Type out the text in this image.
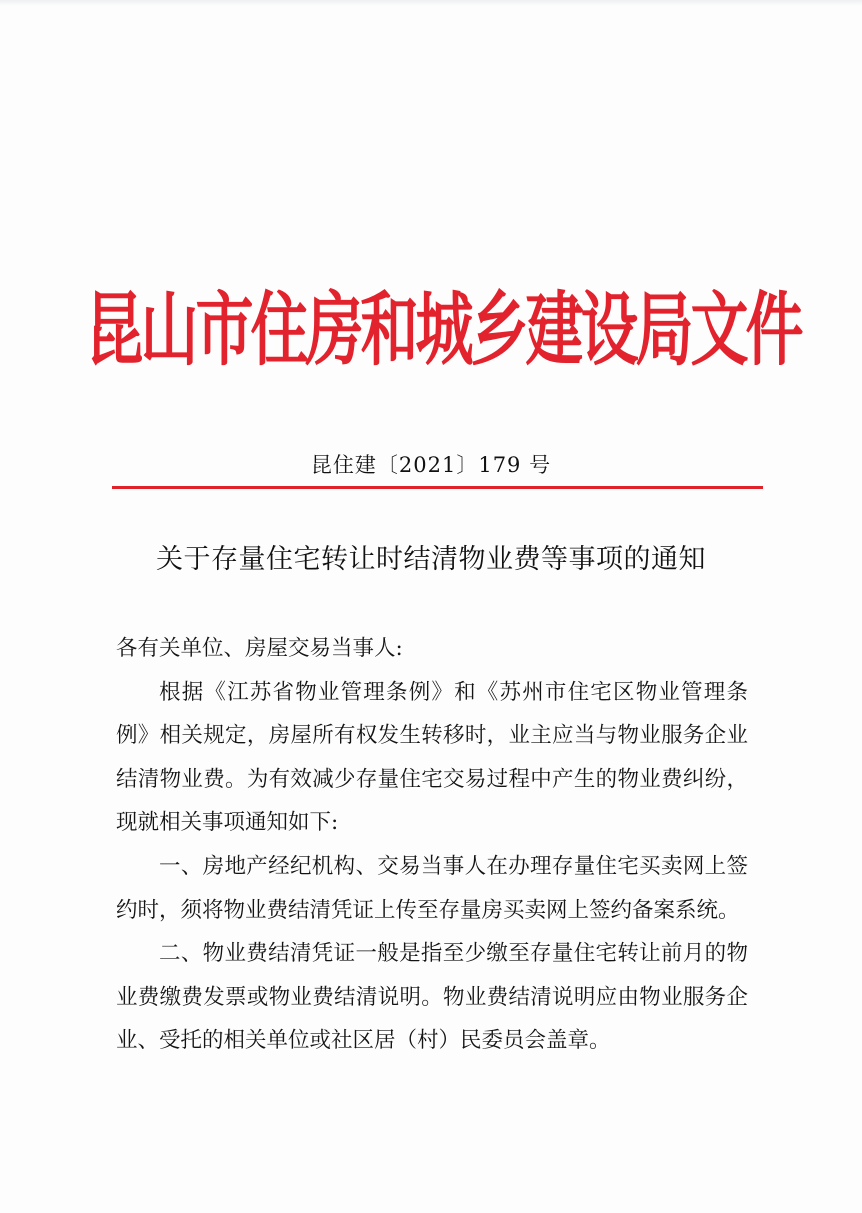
昆山市住房和城乡建设局文件
昆住建〔2021〕179 号
关于存量住宅转让时结清物业费等事项的通知

各有关单位、房屋交易当事人:

根据《江苏省物业管理条例》和《苏州市住宅区物业管理条例》相关规定，房屋所有权发生转移时，业主应当与物业服务企业结清物业费。为有效减少存量住宅交易过程中产生的物业费纠纷，现就相关事项通知如下:

一、房地产经纪机构、交易当事人在办理存量住宅买卖网上签约时，须将物业费结清凭证上传至存量房买卖网上签约备案系统。

二、物业费结清凭证一般是指至少缴至存量住宅转让前月的物业费缴费发票或物业费结清说明。物业费结清说明应由物业服务企业、受托的相关单位或社区居（村）民委员会盖章。
